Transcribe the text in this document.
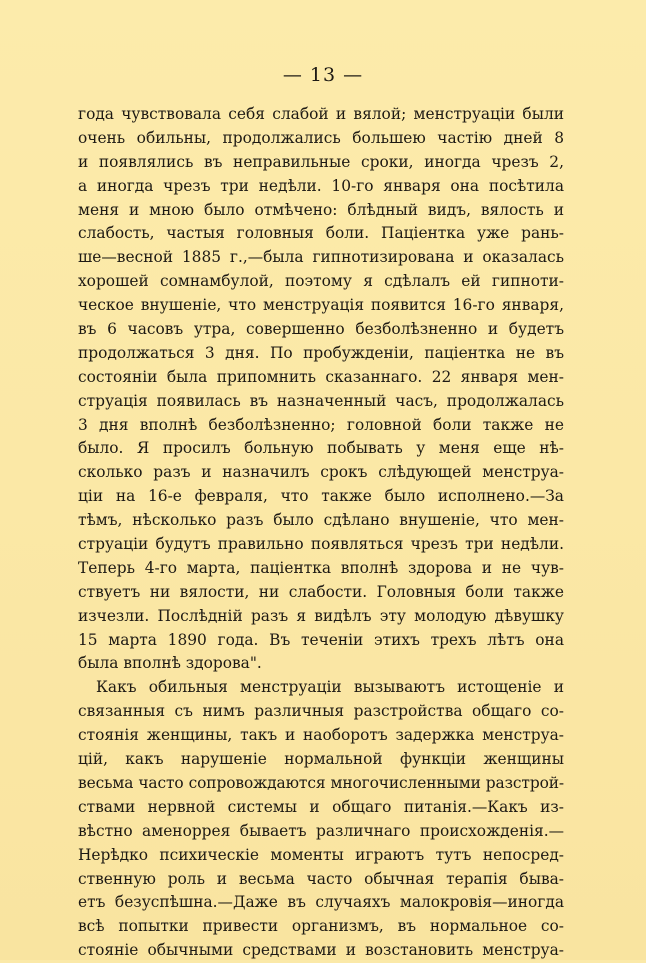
— 13 —
года чувствовала себя слабой и вялой; менструаціи были
очень обильны, продолжались большею частію дней 8
и появлялись въ неправильные сроки, иногда чрезъ 2,
а иногда чрезъ три недѣли. 10-го января она посѣтила
меня и мною было отмѣчено: блѣдный видъ, вялость и
слабость, частыя головныя боли. Паціентка уже рань-
ше—весной 1885 г.,—была гипнотизирована и оказалась
хорошей сомнамбулой, поэтому я сдѣлалъ ей гипноти-
ческое внушеніе, что менструація появится 16-го января,
въ 6 часовъ утра, совершенно безболѣзненно и будетъ
продолжаться 3 дня. По пробужденіи, паціентка не въ
состояніи была припомнить сказаннаго. 22 января мен-
струація появилась въ назначенный часъ, продолжалась
3 дня вполнѣ безболѣзненно; головной боли также не
было. Я просилъ больную побывать у меня еще нѣ-
сколько разъ и назначилъ срокъ слѣдующей менструа-
ціи на 16-е февраля, что также было исполнено.—За
тѣмъ, нѣсколько разъ было сдѣлано внушеніе, что мен-
струаціи будутъ правильно появляться чрезъ три недѣли.
Теперь 4-го марта, паціентка вполнѣ здорова и не чув-
ствуетъ ни вялости, ни слабости. Головныя боли также
изчезли. Послѣдній разъ я видѣлъ эту молодую дѣвушку
15 марта 1890 года. Въ теченіи этихъ трехъ лѣтъ она
была вполнѣ здорова".
Какъ обильныя менструаціи вызываютъ истощеніе и
связанныя съ нимъ различныя разстройства общаго со-
стоянія женщины, такъ и наоборотъ задержка менструа-
цій, какъ нарушеніе нормальной функціи женщины
весьма часто сопровождаются многочисленными разстрой-
ствами нервной системы и общаго питанія.—Какъ из-
вѣстно аменоррея бываетъ различнаго происхожденія.—
Нерѣдко психическіе моменты играютъ тутъ непосред-
ственную роль и весьма часто обычная терапія быва-
етъ безуспѣшна.—Даже въ случаяхъ малокровія—иногда
всѣ попытки привести организмъ, въ нормальное со-
стояніе обычными средствами и возстановить менструа-
